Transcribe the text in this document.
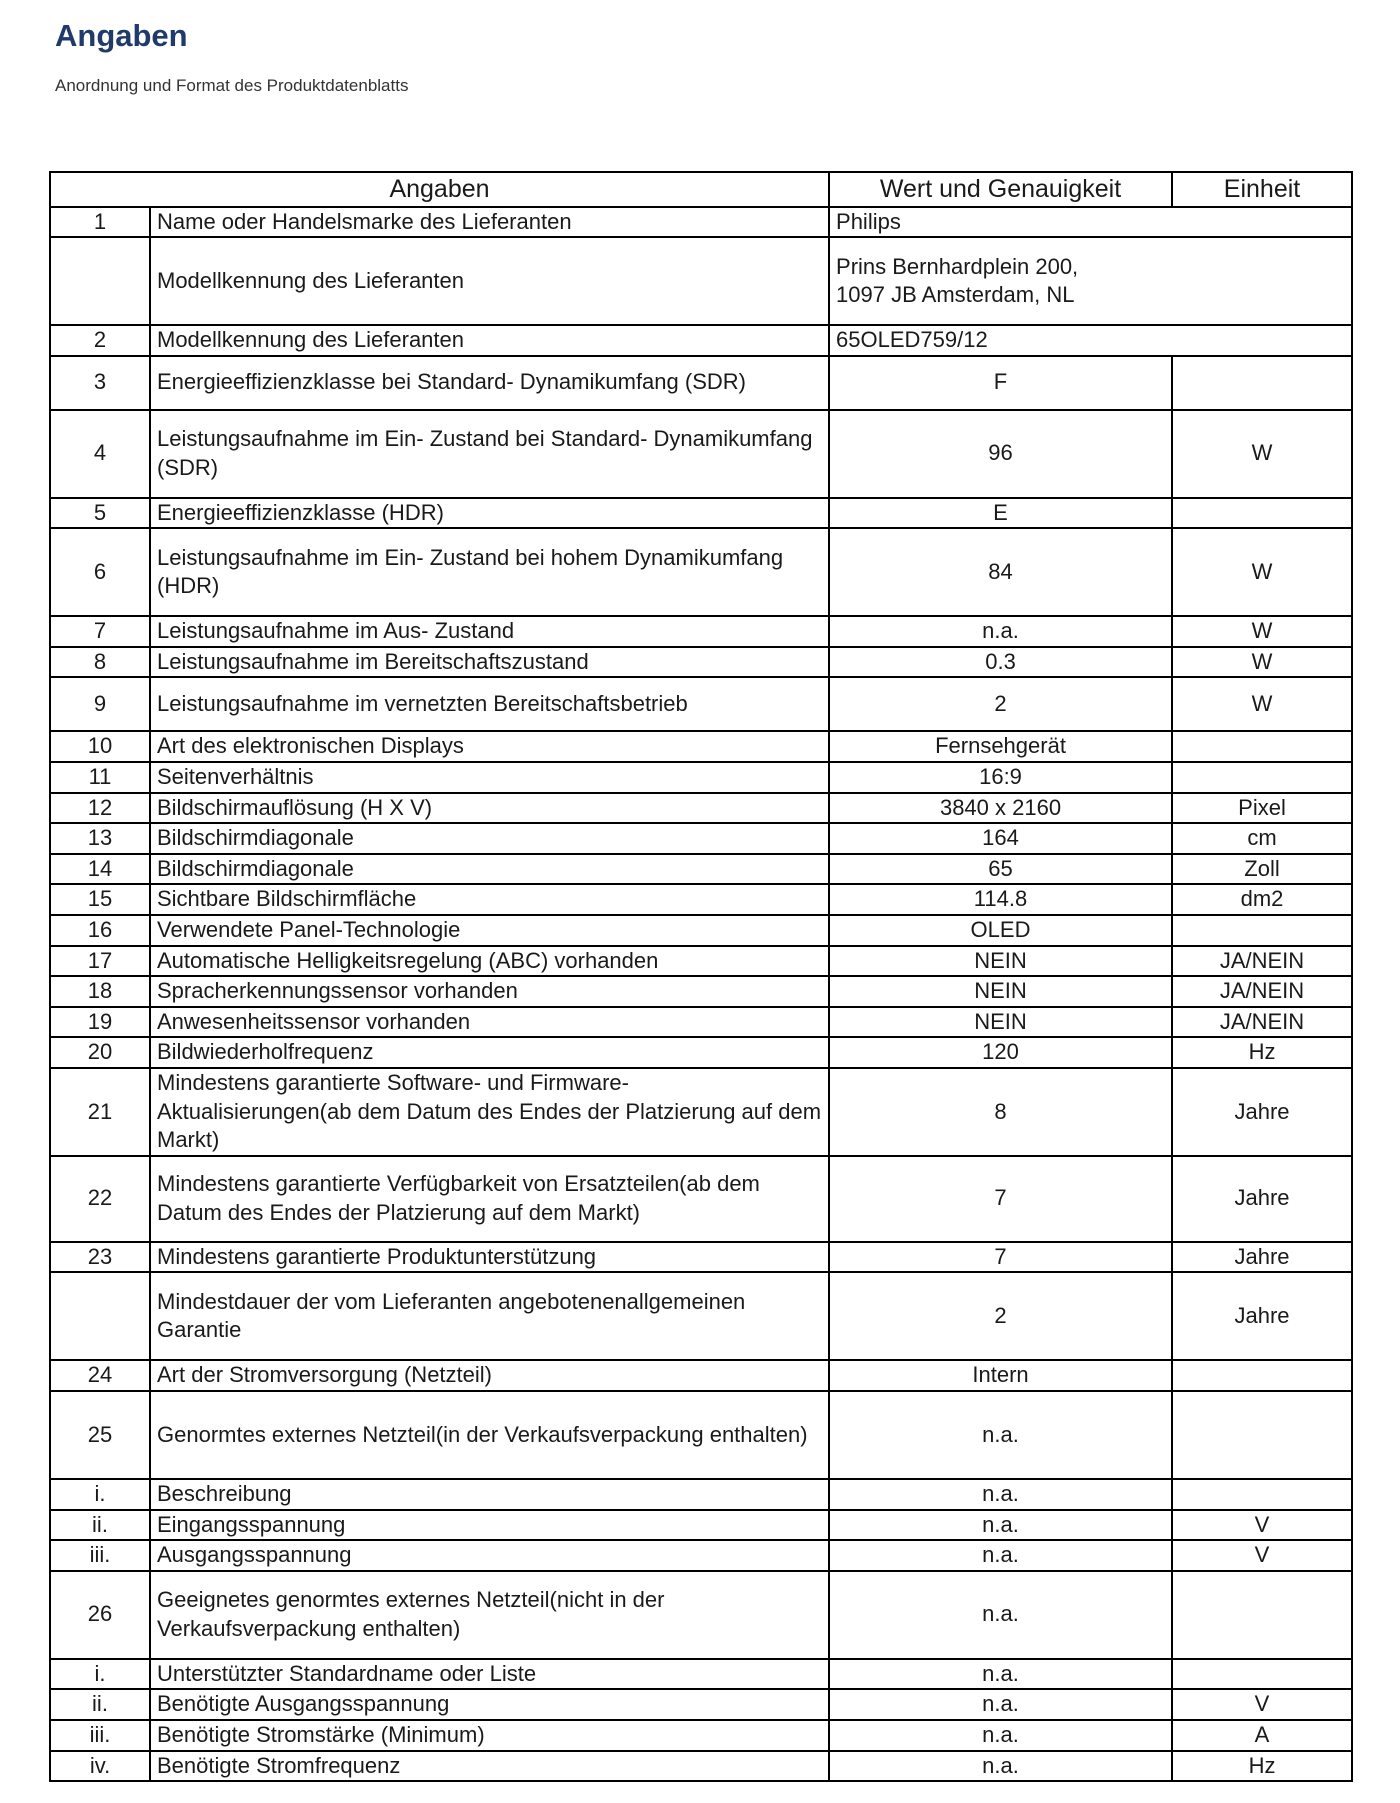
Angaben
Anordnung und Format des Produktdatenblatts
Angaben		Wert und Genauigkeit	Einheit
1	Name oder Handelsmarke des Lieferanten	Philips	
	Modellkennung des Lieferanten	Prins Bernhardplein 200,
1097 JB Amsterdam, NL	
2	Modellkennung des Lieferanten	65OLED759/12	
3	Energieeffizienzklasse bei Standard- Dynamikumfang (SDR)	F	
4	Leistungsaufnahme im Ein- Zustand bei Standard- Dynamikumfang (SDR)	96	W
5	Energieeffizienzklasse (HDR)	E	
6	Leistungsaufnahme im Ein- Zustand bei hohem Dynamikumfang (HDR)	84	W
7	Leistungsaufnahme im Aus- Zustand	n.a.	W
8	Leistungsaufnahme im Bereitschaftszustand	0.3	W
9	Leistungsaufnahme im vernetzten Bereitschaftsbetrieb	2	W
10	Art des elektronischen Displays	Fernsehgerät	
11	Seitenverhältnis	16:9	
12	Bildschirmauflösung (H X V)	3840 x 2160	Pixel
13	Bildschirmdiagonale	164	cm
14	Bildschirmdiagonale	65	Zoll
15	Sichtbare Bildschirmfläche	114.8	dm2
16	Verwendete Panel-Technologie	OLED	
17	Automatische Helligkeitsregelung (ABC) vorhanden	NEIN	JA/NEIN
18	Spracherkennungssensor vorhanden	NEIN	JA/NEIN
19	Anwesenheitssensor vorhanden	NEIN	JA/NEIN
20	Bildwiederholfrequenz	120	Hz
21	Mindestens garantierte Software- und Firmware-Aktualisierungen(ab dem Datum des Endes der Platzierung auf dem Markt)	8	Jahre
22	Mindestens garantierte Verfügbarkeit von Ersatzteilen(ab dem Datum des Endes der Platzierung auf dem Markt)	7	Jahre
23	Mindestens garantierte Produktunterstützung	7	Jahre
	Mindestdauer der vom Lieferanten angebotenenallgemeinen Garantie	2	Jahre
24	Art der Stromversorgung (Netzteil)	Intern	
25	Genormtes externes Netzteil(in der Verkaufsverpackung enthalten)	n.a.	
i.	Beschreibung	n.a.	
ii.	Eingangsspannung	n.a.	V
iii.	Ausgangsspannung	n.a.	V
26	Geeignetes genormtes externes Netzteil(nicht in der Verkaufsverpackung enthalten)	n.a.	
i.	Unterstützter Standardname oder Liste	n.a.	
ii.	Benötigte Ausgangsspannung	n.a.	V
iii.	Benötigte Stromstärke (Minimum)	n.a.	A
iv.	Benötigte Stromfrequenz	n.a.	Hz
